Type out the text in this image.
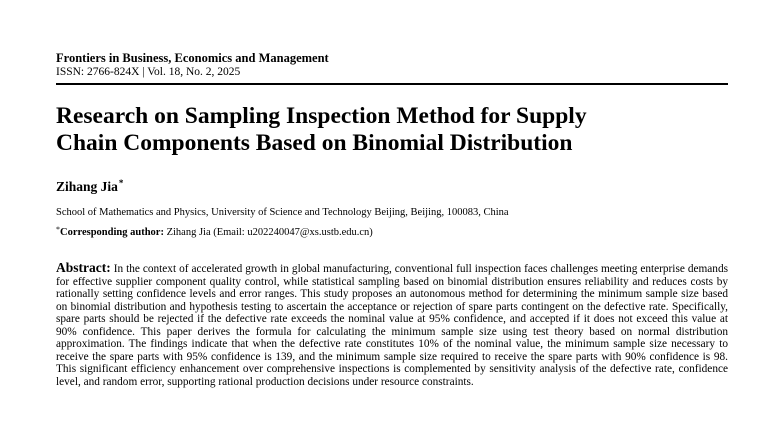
Frontiers in Business, Economics and Management
ISSN: 2766-824X | Vol. 18, No. 2, 2025
Research on Sampling Inspection Method for Supply
Chain Components Based on Binomial Distribution
Zihang Jia*
School of Mathematics and Physics, University of Science and Technology Beijing, Beijing, 100083, China
*Corresponding author: Zihang Jia (Email: u202240047@xs.ustb.edu.cn)
Abstract: In the context of accelerated growth in global manufacturing, conventional full inspection faces challenges meeting enterprise demands for effective supplier component quality control, while statistical sampling based on binomial distribution ensures reliability and reduces costs by rationally setting confidence levels and error ranges. This study proposes an autonomous method for determining the minimum sample size based on binomial distribution and hypothesis testing to ascertain the acceptance or rejection of spare parts contingent on the defective rate. Specifically, spare parts should be rejected if the defective rate exceeds the nominal value at 95% confidence, and accepted if it does not exceed this value at 90% confidence. This paper derives the formula for calculating the minimum sample size using test theory based on normal distribution approximation. The findings indicate that when the defective rate constitutes 10% of the nominal value, the minimum sample size necessary to receive the spare parts with 95% confidence is 139, and the minimum sample size required to receive the spare parts with 90% confidence is 98. This significant efficiency enhancement over comprehensive inspections is complemented by sensitivity analysis of the defective rate, confidence level, and random error, supporting rational production decisions under resource constraints.
